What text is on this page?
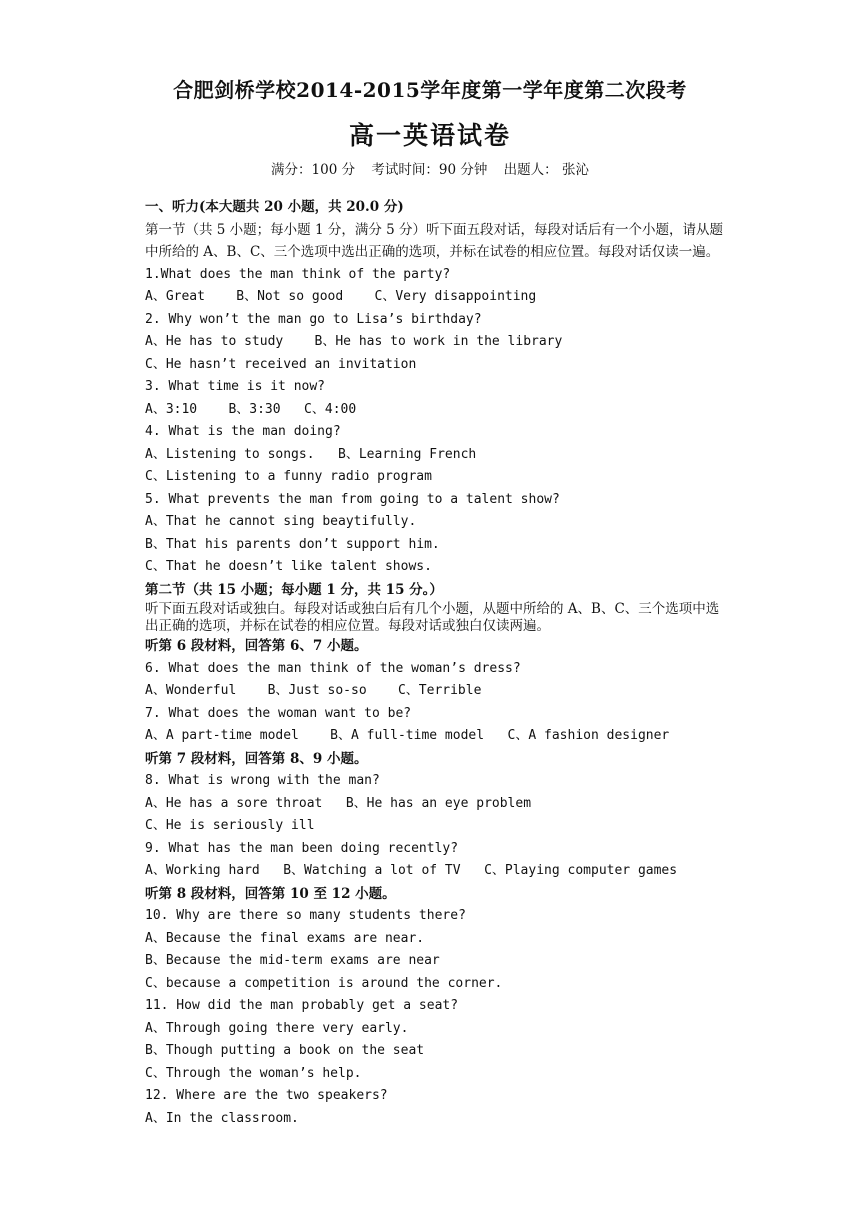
合肥剑桥学校2014-2015学年度第一学年度第二次段考
高一英语试卷
满分：100 分 考试时间：90 分钟 出题人： 张沁
一、听力(本大题共 20 小题，共 20.0 分)
第一节（共 5 小题；每小题 1 分，满分 5 分）听下面五段对话，每段对话后有一个小题，请从题中所给的 A、B、C、三个选项中选出正确的选项，并标在试卷的相应位置。每段对话仅读一遍。
1.What does the man think of the party?
A、Great    B、Not so good    C、Very disappointing
2. Why won’t the man go to Lisa’s birthday?
A、He has to study    B、He has to work in the library
C、He hasn’t received an invitation
3. What time is it now?
A、3:10    B、3:30   C、4:00
4. What is the man doing?
A、Listening to songs.   B、Learning French
C、Listening to a funny radio program
5. What prevents the man from going to a talent show?
A、That he cannot sing beaytifully.
B、That his parents don’t support him.
C、That he doesn’t like talent shows.
第二节（共 15 小题；每小题 1 分，共 15 分。）
听下面五段对话或独白。每段对话或独白后有几个小题，从题中所给的 A、B、C、三个选项中选出正确的选项，并标在试卷的相应位置。每段对话或独白仅读两遍。
听第 6 段材料，回答第 6、7 小题。
6. What does the man think of the woman’s dress?
A、Wonderful    B、Just so-so    C、Terrible
7. What does the woman want to be?
A、A part-time model    B、A full-time model   C、A fashion designer
听第 7 段材料，回答第 8、9 小题。
8. What is wrong with the man?
A、He has a sore throat   B、He has an eye problem
C、He is seriously ill
9. What has the man been doing recently?
A、Working hard   B、Watching a lot of TV   C、Playing computer games
听第 8 段材料，回答第 10 至 12 小题。
10. Why are there so many students there?
A、Because the final exams are near.
B、Because the mid-term exams are near
C、because a competition is around the corner.
11. How did the man probably get a seat?
A、Through going there very early.
B、Though putting a book on the seat
C、Through the woman’s help.
12. Where are the two speakers?
A、In the classroom.
